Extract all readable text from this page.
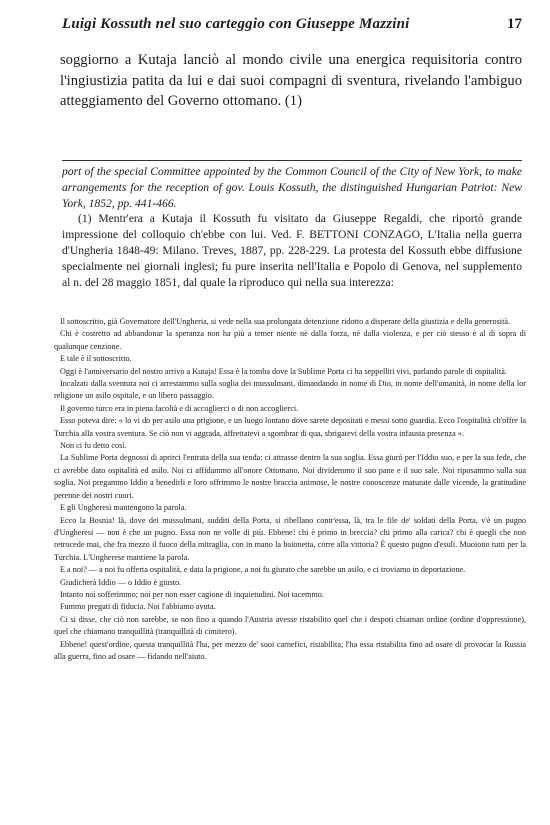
Luigi Kossuth nel suo carteggio con Giuseppe Mazzini	17

soggiorno a Kutaja lanciò al mondo civile una energica requisitoria contro l'ingiustizia patita da lui e dai suoi compagni di sventura, rivelando l'ambiguo atteggiamento del Governo ottomano. (1)

port of the special Committee appointed by the Common Council of the City of New York, to make arrangements for the reception of gov. Louis Kossuth, the distinguished Hungarian Patriot: New York, 1852, pp. 441-466.

(1) Mentr'era a Kutaja il Kossuth fu visitato da Giuseppe Regaldi, che riportò grande impressione del colloquio ch'ebbe con lui. Ved. F. BETTONI CONZAGO, L'Italia nella guerra d'Ungheria 1848-49: Milano. Treves, 1887, pp. 228-229. La protesta del Kossuth ebbe diffusione specialmente nei giornali inglesi; fu pure inserita nell'Italia e Popolo di Genova, nel supplemento al n. del 28 maggio 1851, dal quale la riproduco qui nella sua interezza:

Il sottoscritto, già Governatore dell'Ungheria, si vede nella sua prolungata detenzione ridotto a disperare della giustizia e della generosità.

Chi è costretto ad abbandonar la speranza non ha più a temer niente nè dalla forza, nè dalla violenza, e per ciò stesso è al di sopra di qualunque cenzione.

E tale è il sottoscritto.

Oggi è l'anniversario del nostro arrivo a Kutaja! Essa è la tomba dove la Sublime Porta ci ha seppelliti vivi, parlando parole di ospitalità.

Incalzati dalla sventura noi ci arrestammo sulla soglia dei mussulmani, dimandando in nome di Dio, in nome dell'umanità, in nome della lor religione un asilo ospitale, e un libero passaggio.

Il governo turco era in piena facoltà e di accoglierci o di non accoglierci.

Esso poteva dire: « lo vi do per asilo una prigione, e un luogo lontano dove sarete depositati e messi sotto guardia. Ecco l'ospitalità ch'offre la Turchia alla vostra sventura. Se ciò non vi aggrada, affrettatevi a sgombrar di qua, sbrigatevi della vostra infausta presenza ».

Non ci fu detto così.

La Sublime Porta degnossi di aprirci l'entrata della sua tenda: ci attrasse dentro la sua soglia. Essa giurò per l'Iddio suo, e per la sua fede, che ci avrebbe dato ospitalità ed asilo. Noi ci affidammo all'onore Ottomano. Noi dividemmo il suo pane e il suo sale. Noi riposammo sulla sua soglia. Noi pregammo Iddio a benedirli e loro offrimmo le nostre braccia animose, le nostre conoscenze maturate dalle vicende, la gratitudine perenne dei nostri cuori.

E gli Ungheresi mantengono la parola.

Ecco la Bosnia! là, dove dei mussulmani, sudditi della Porta, si ribellano contr'essa, là, tra le file de' soldati della Porta, v'è un pugno d'Ungheresi — non è che un pugno. Essa non ne volle di più. Ebbene! chi è primo in breccia? chi primo alla carica? chi è quegli che non retrocede mai, che fra mezzo il fuoco della mitraglia, con in mano la baionetta, corre alla vittoria? È questo pugno d'esuli. Muoiono tutti per la Turchia. L'Ungherese mantiene la parola.

E a noi? — a noi fu offerta ospitalità, e data la prigione, a noi fu giurato che sarebbe un asilo, e ci troviamo in deportazione.

Giudicherà Iddio — o Iddio è giusto.

Intanto noi sofferimmo; noi per non esser cagione di inquietudini. Noi tacemmo.

Fummo pregati di fiducia. Noi l'abbiamo avuta.

Ci si disse, che ciò non sarebbe, se non fino a quando l'Austria avesse ristabilito quel che i despoti chiaman ordine (ordine d'oppressione), quel che chiamano tranquillità (tranquillità di cimitero).

Ebbene! quest'ordine, questa tranquillità l'ha, per mezzo de' suoi carnefici, ristabilita; l'ha essa ristabilita fino ad osare di provocar la Russia alla guerra, fino ad osare — fidando nell'aiuto.
